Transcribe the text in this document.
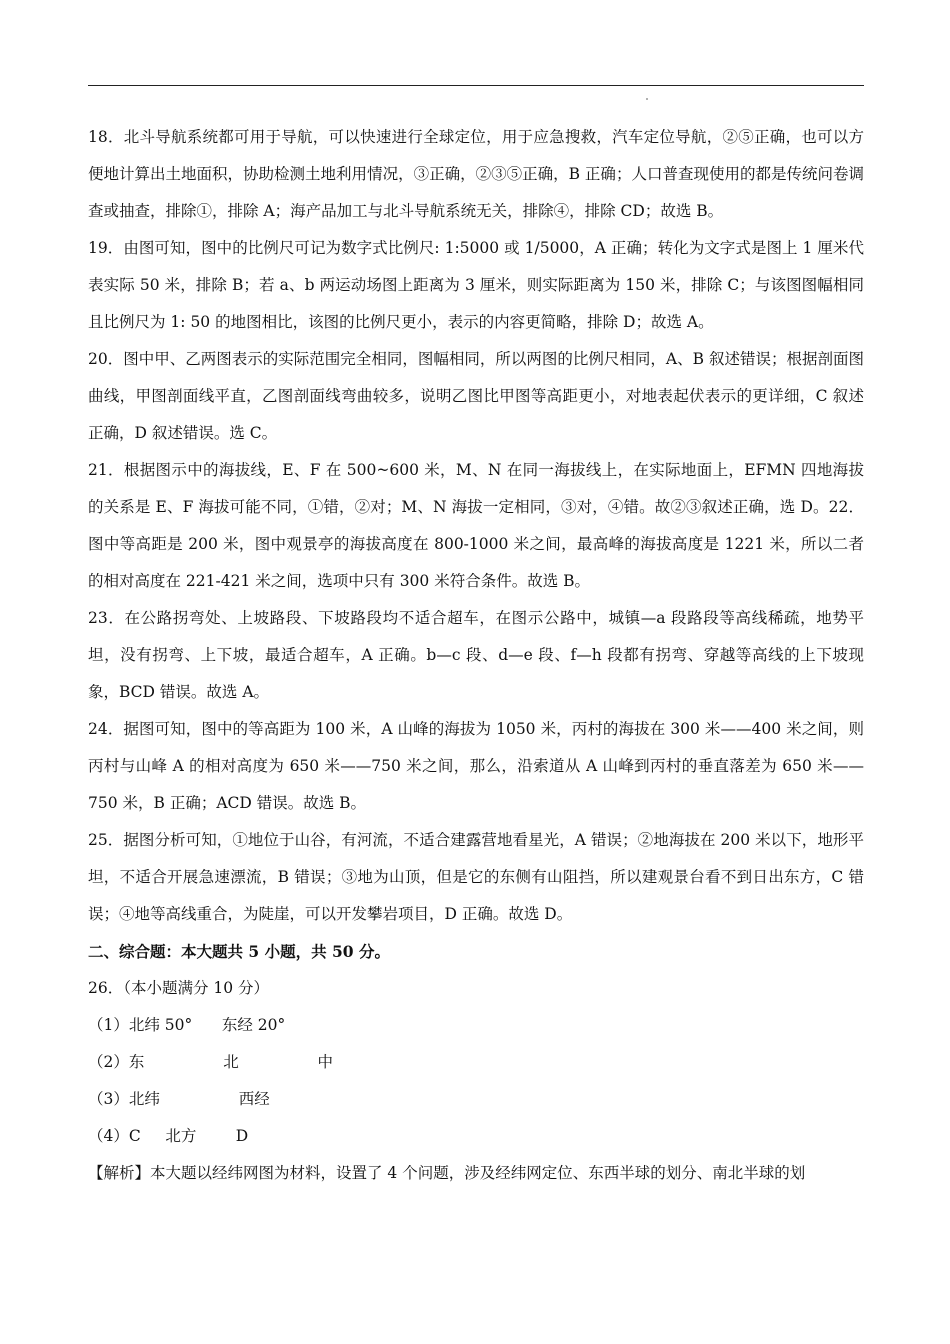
18．北斗导航系统都可用于导航，可以快速进行全球定位，用于应急搜救，汽车定位导航，②⑤正确，也可以方便地计算出土地面积，协助检测土地利用情况，③正确，②③⑤正确，B 正确；人口普查现使用的都是传统问卷调查或抽查，排除①，排除 A；海产品加工与北斗导航系统无关，排除④，排除 CD；故选 B。

19．由图可知，图中的比例尺可记为数字式比例尺: 1:5000 或 1/5000，A 正确；转化为文字式是图上 1 厘米代表实际 50 米，排除 B；若 a、b 两运动场图上距离为 3 厘米，则实际距离为 150 米，排除 C；与该图图幅相同且比例尺为 1: 50 的地图相比，该图的比例尺更小，表示的内容更简略，排除 D；故选 A。

20．图中甲、乙两图表示的实际范围完全相同，图幅相同，所以两图的比例尺相同，A、B 叙述错误；根据剖面图曲线，甲图剖面线平直，乙图剖面线弯曲较多，说明乙图比甲图等高距更小，对地表起伏表示的更详细，C 叙述正确，D 叙述错误。选 C。

21．根据图示中的海拔线，E、F 在 500~600 米，M、N 在同一海拔线上，在实际地面上，EFMN 四地海拔的关系是 E、F 海拔可能不同，①错，②对；M、N 海拔一定相同，③对，④错。故②③叙述正确，选 D。22．图中等高距是 200 米，图中观景亭的海拔高度在 800-1000 米之间，最高峰的海拔高度是 1221 米，所以二者的相对高度在 221-421 米之间，选项中只有 300 米符合条件。故选 B。

23．在公路拐弯处、上坡路段、下坡路段均不适合超车，在图示公路中，城镇—a 段路段等高线稀疏，地势平坦，没有拐弯、上下坡，最适合超车，A 正确。b—c 段、d—e 段、f—h 段都有拐弯、穿越等高线的上下坡现象，BCD 错误。故选 A。

24．据图可知，图中的等高距为 100 米，A 山峰的海拔为 1050 米，丙村的海拔在 300 米——400 米之间，则丙村与山峰 A 的相对高度为 650 米——750 米之间，那么，沿索道从 A 山峰到丙村的垂直落差为 650 米——750 米，B 正确；ACD 错误。故选 B。

25．据图分析可知，①地位于山谷，有河流，不适合建露营地看星光，A 错误；②地海拔在 200 米以下，地形平坦，不适合开展急速漂流，B 错误；③地为山顶，但是它的东侧有山阻挡，所以建观景台看不到日出东方，C 错误；④地等高线重合，为陡崖，可以开发攀岩项目，D 正确。故选 D。

二、综合题：本大题共 5 小题，共 50 分。

26．（本小题满分 10 分）

（1）北纬 50°      东经 20°

（2）东                北                中

（3）北纬                西经

（4）C     北方        D

【解析】本大题以经纬网图为材料，设置了 4 个问题，涉及经纬网定位、东西半球的划分、南北半球的划
